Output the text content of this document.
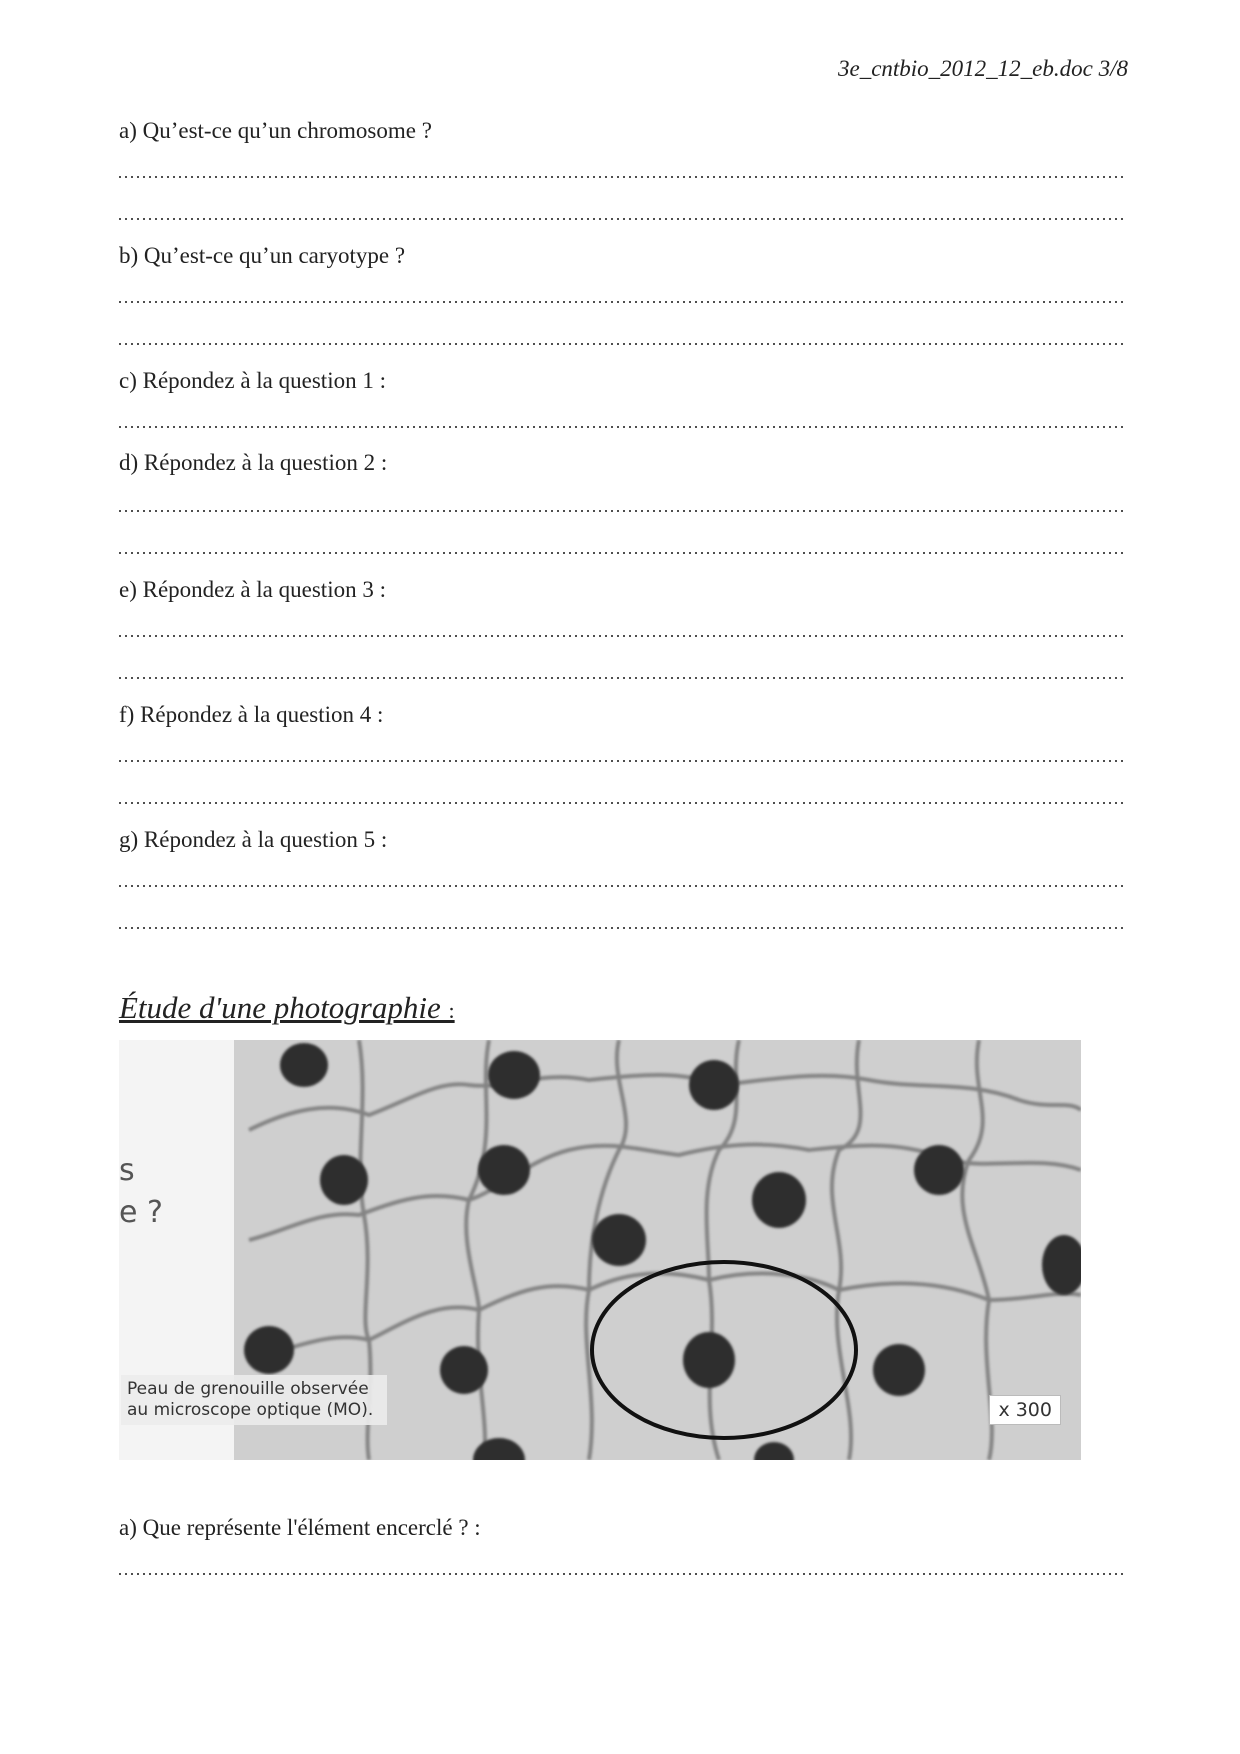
3e_cntbio_2012_12_eb.doc 3/8
a) Qu’est-ce qu’un chromosome ?
b) Qu’est-ce qu’un caryotype ?
c) Répondez à la question 1 :
d) Répondez à la question 2 :
e) Répondez à la question 3 :
f) Répondez à la question 4 :
g) Répondez à la question 5 :
Étude d'une photographie :
s
e ?
Peau de grenouille observée
au microscope optique (MO).	x 300
a) Que représente l'élément encerclé ? :
